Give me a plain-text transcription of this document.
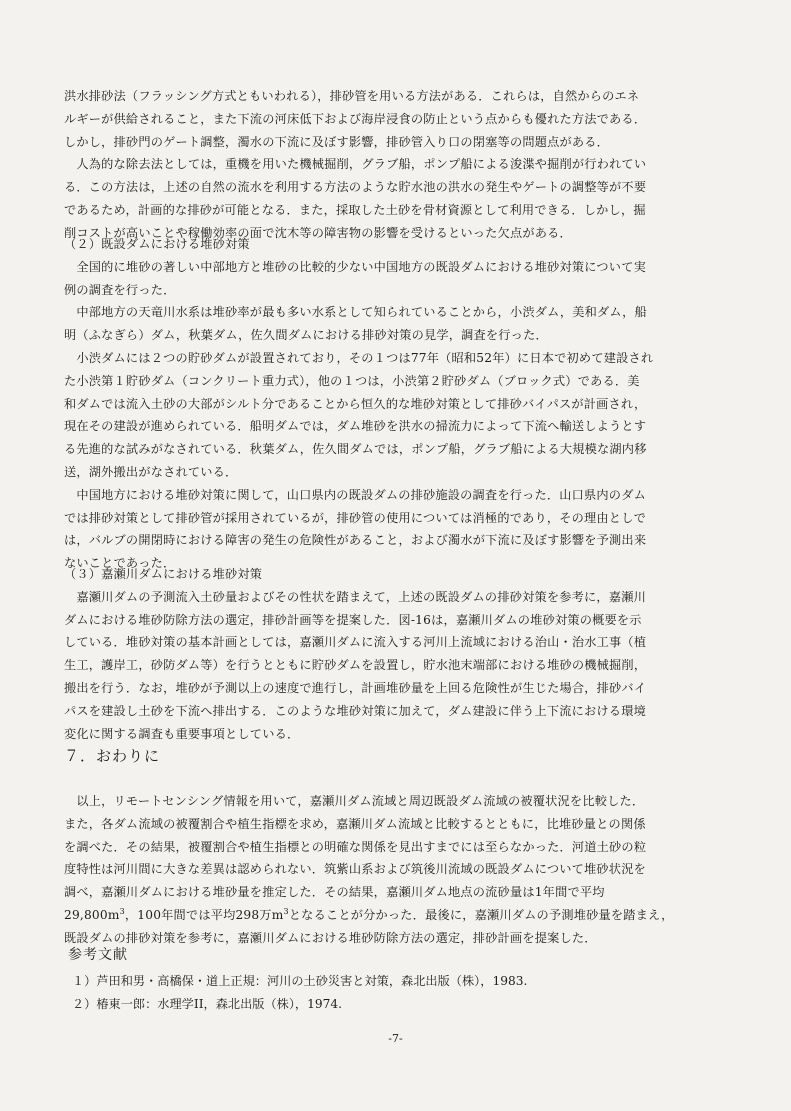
洪水排砂法（フラッシング方式ともいわれる），排砂管を用いる方法がある．これらは，自然からのエネ

ルギーが供給されること，また下流の河床低下および海岸浸食の防止という点からも優れた方法である．

しかし，排砂門のゲート調整，濁水の下流に及ぼす影響，排砂管入り口の閉塞等の問題点がある．

　人為的な除去法としては，重機を用いた機械掘削，グラブ船，ポンプ船による浚渫や掘削が行われてい

る．この方法は，上述の自然の流水を利用する方法のような貯水池の洪水の発生やゲートの調整等が不要

であるため，計画的な排砂が可能となる．また，採取した土砂を骨材資源として利用できる．しかし，掘

削コストが高いことや稼働効率の面で沈木等の障害物の影響を受けるといった欠点がある．

（２）既設ダムにおける堆砂対策

　全国的に堆砂の著しい中部地方と堆砂の比較的少ない中国地方の既設ダムにおける堆砂対策について実

例の調査を行った．

　中部地方の天竜川水系は堆砂率が最も多い水系として知られていることから，小渋ダム，美和ダム，船

明（ふなぎら）ダム，秋葉ダム，佐久間ダムにおける排砂対策の見学，調査を行った．

　小渋ダムには２つの貯砂ダムが設置されており，その１つは77年（昭和52年）に日本で初めて建設され

た小渋第１貯砂ダム（コンクリート重力式），他の１つは，小渋第２貯砂ダム（ブロック式）である．美

和ダムでは流入土砂の大部がシルト分であることから恒久的な堆砂対策として排砂バイパスが計画され，

現在その建設が進められている．船明ダムでは，ダム堆砂を洪水の掃流力によって下流へ輸送しようとす

る先進的な試みがなされている．秋葉ダム，佐久間ダムでは，ポンプ船，グラブ船による大規模な湖内移

送，湖外搬出がなされている．

　中国地方における堆砂対策に関して，山口県内の既設ダムの排砂施設の調査を行った．山口県内のダム

では排砂対策として排砂管が採用されているが，排砂管の使用については消極的であり，その理由としで

は，バルブの開閉時における障害の発生の危険性があること，および濁水が下流に及ぼす影響を予測出来

ないことであった．

（３）嘉瀬川ダムにおける堆砂対策

　嘉瀬川ダムの予測流入土砂量およびその性状を踏まえて，上述の既設ダムの排砂対策を参考に，嘉瀬川

ダムにおける堆砂防除方法の選定，排砂計画等を提案した．図-16は，嘉瀬川ダムの堆砂対策の概要を示

している．堆砂対策の基本計画としては，嘉瀬川ダムに流入する河川上流域における治山・治水工事（植

生工，護岸工，砂防ダム等）を行うとともに貯砂ダムを設置し，貯水池末端部における堆砂の機械掘削，

搬出を行う．なお，堆砂が予測以上の速度で進行し，計画堆砂量を上回る危険性が生じた場合，排砂バイ

パスを建設し土砂を下流へ排出する．このような堆砂対策に加えて，ダム建設に伴う上下流における環境

変化に関する調査も重要事項としている．

７．おわりに

　以上，リモートセンシング情報を用いて，嘉瀬川ダム流域と周辺既設ダム流域の被覆状況を比較した．

また，各ダム流域の被覆割合や植生指標を求め，嘉瀬川ダム流域と比較するとともに，比堆砂量との関係

を調べた．その結果，被覆割合や植生指標との明確な関係を見出すまでには至らなかった．河道土砂の粒

度特性は河川間に大きな差異は認められない．筑紫山系および筑後川流域の既設ダムについて堆砂状況を

調べ，嘉瀬川ダムにおける堆砂量を推定した．その結果，嘉瀬川ダム地点の流砂量は1年間で平均

$29,800m^3$，100年間では平均298万$m^3$となることが分かった．最後に，嘉瀬川ダムの予測堆砂量を踏まえ，

既設ダムの排砂対策を参考に，嘉瀬川ダムにおける堆砂防除方法の選定，排砂計画を提案した．

参考文献

１）芦田和男・高橋保・道上正規：河川の土砂災害と対策，森北出版（株），1983.

２）椿東一郎：水理学II，森北出版（株），1974.

-7-
